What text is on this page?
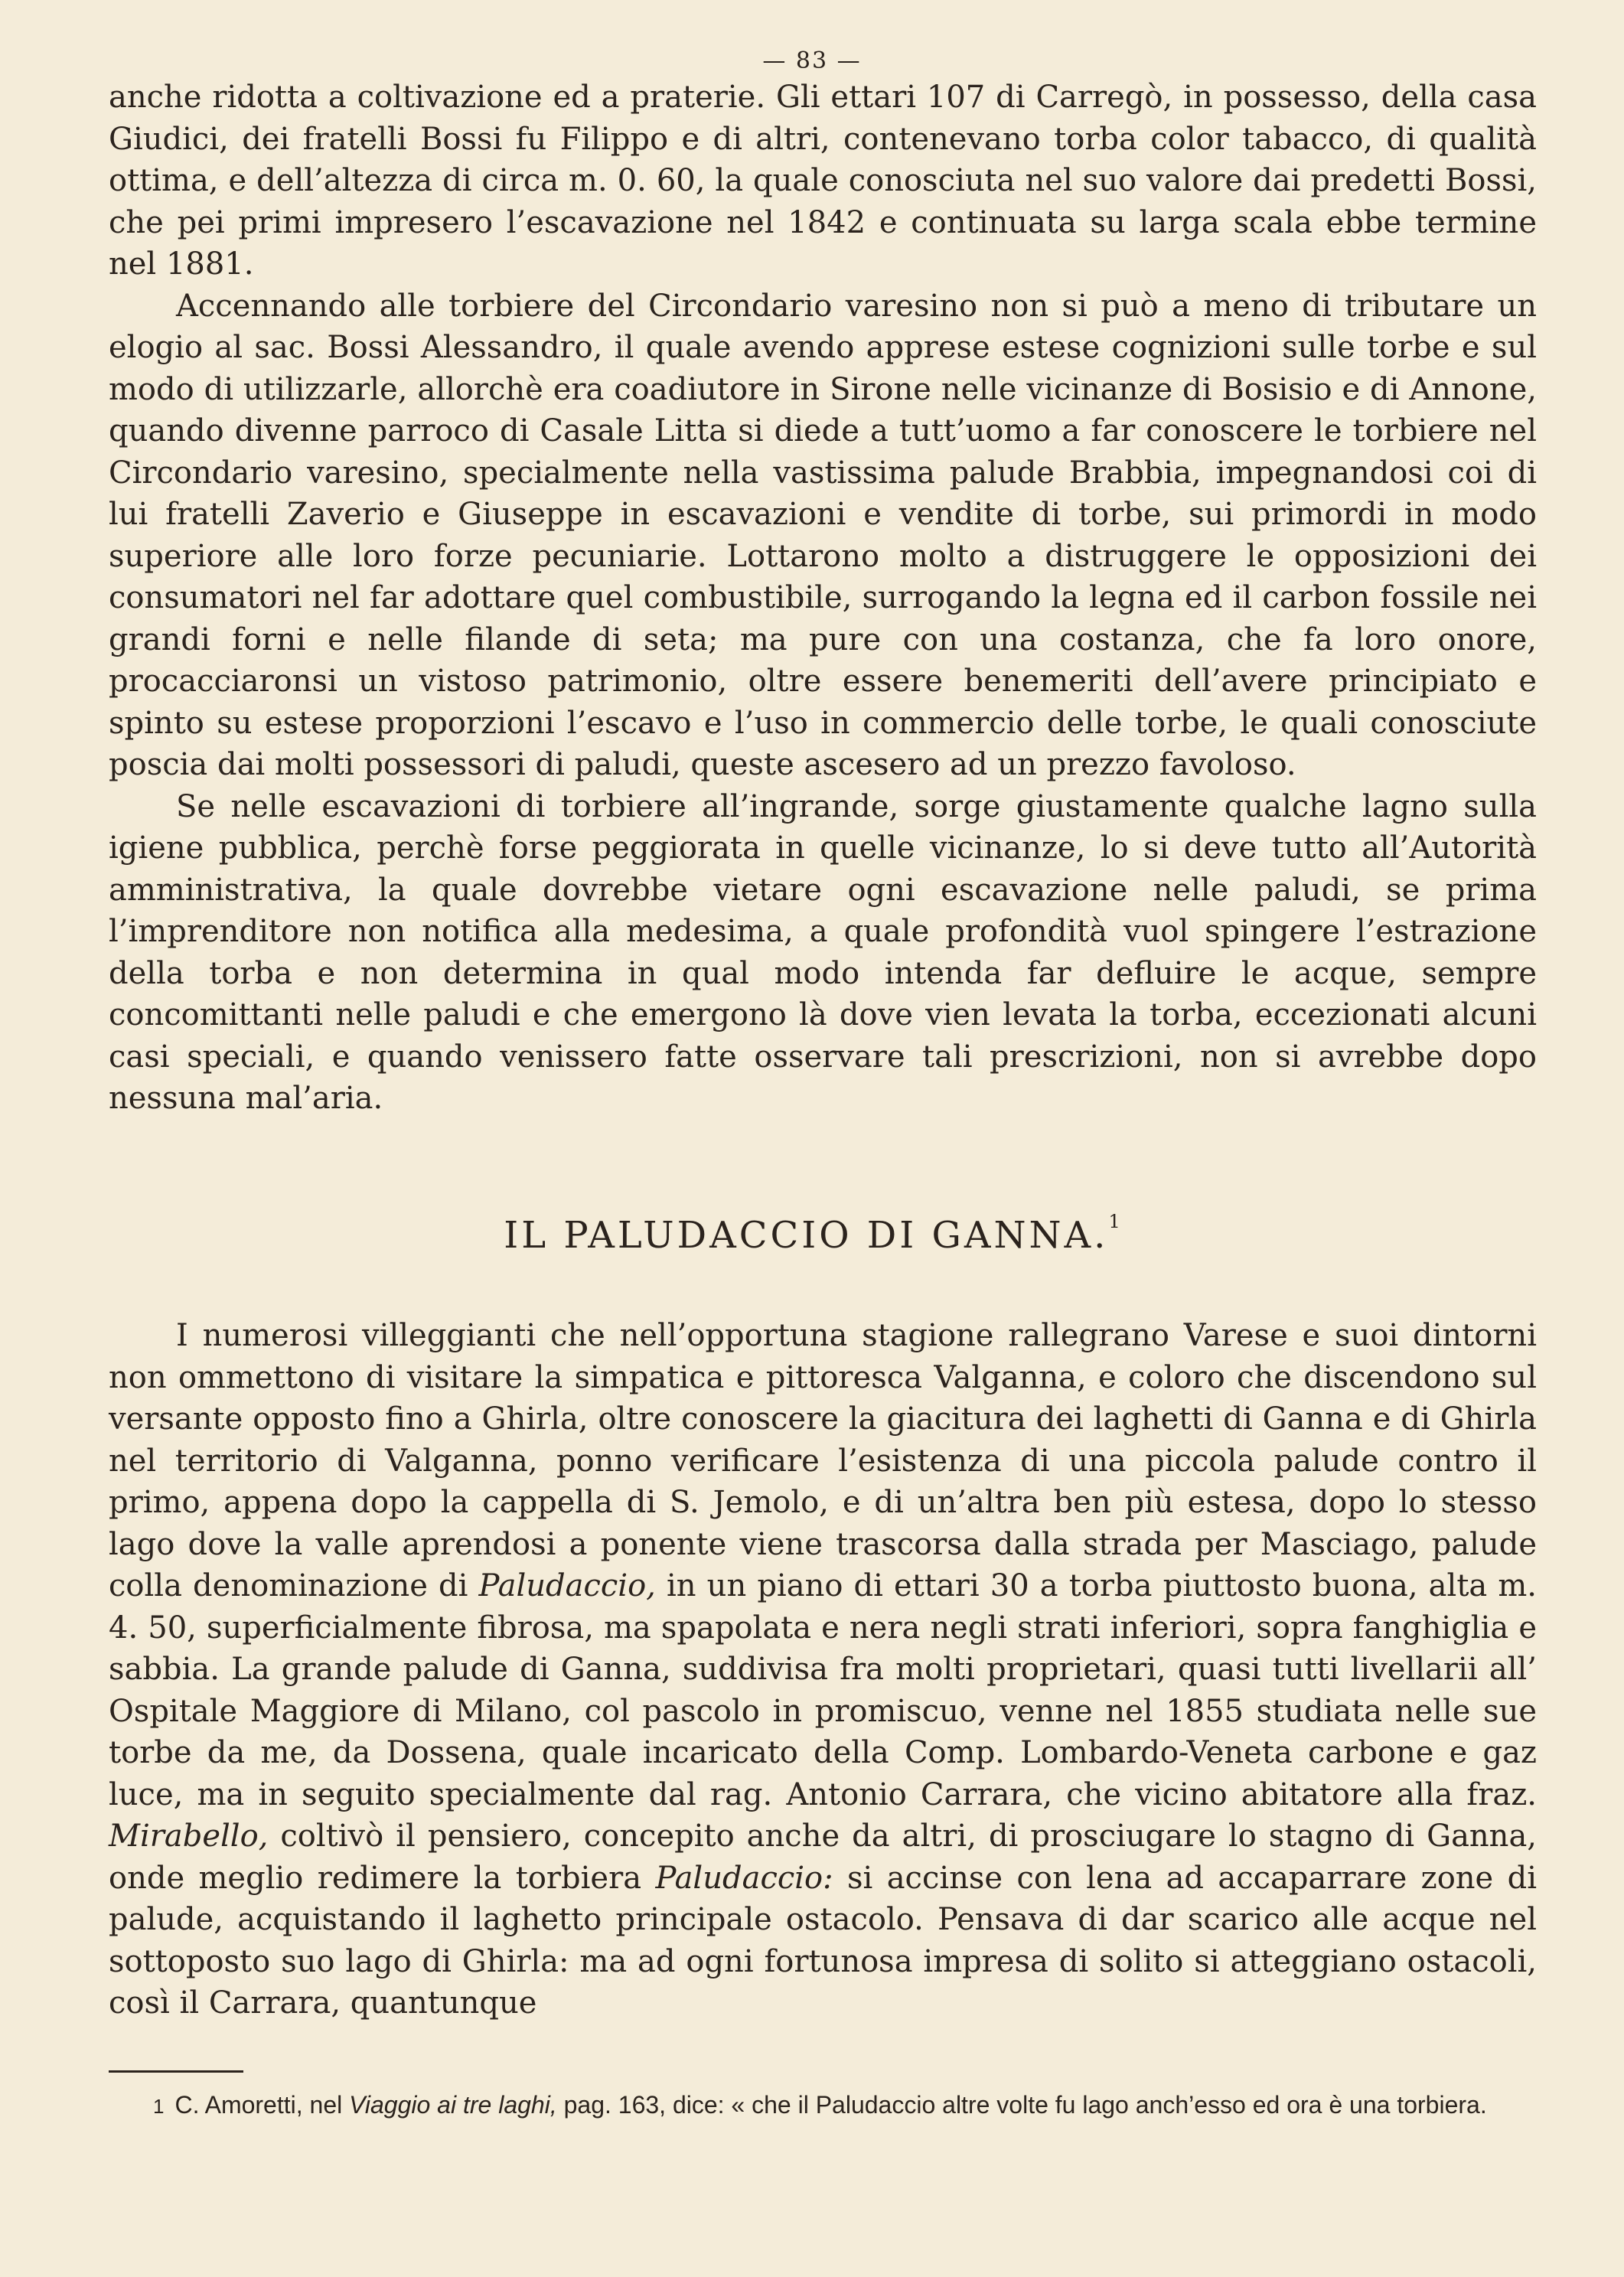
— 83 —

anche ridotta a coltivazione ed a praterie. Gli ettari 107 di Carregò, in possesso, della casa Giudici, dei fratelli Bossi fu Filippo e di altri, contenevano torba color tabacco, di qualità ottima, e dell’altezza di circa m. 0. 60, la quale conosciuta nel suo valore dai predetti Bossi, che pei primi impresero l’escavazione nel 1842 e continuata su larga scala ebbe termine nel 1881.

Accennando alle torbiere del Circondario varesino non si può a meno di tributare un elogio al sac. Bossi Alessandro, il quale avendo apprese estese cognizioni sulle torbe e sul modo di utilizzarle, allorchè era coadiutore in Sirone nelle vicinanze di Bosisio e di Annone, quando divenne parroco di Casale Litta si diede a tutt’uomo a far conoscere le torbiere nel Circondario varesino, specialmente nella vastissima palude Brabbia, impegnandosi coi di lui fratelli Zaverio e Giuseppe in escavazioni e vendite di torbe, sui primordi in modo superiore alle loro forze pecuniarie. Lottarono molto a distruggere le opposizioni dei consumatori nel far adottare quel combustibile, surrogando la legna ed il carbon fossile nei grandi forni e nelle filande di seta; ma pure con una costanza, che fa loro onore, procacciaronsi un vistoso patrimonio, oltre essere benemeriti dell’avere principiato e spinto su estese proporzioni l’escavo e l’uso in commercio delle torbe, le quali conosciute poscia dai molti possessori di paludi, queste ascesero ad un prezzo favoloso.

Se nelle escavazioni di torbiere all’ingrande, sorge giustamente qualche lagno sulla igiene pubblica, perchè forse peggiorata in quelle vicinanze, lo si deve tutto all’Autorità amministrativa, la quale dovrebbe vietare ogni escavazione nelle paludi, se prima l’imprenditore non notifica alla medesima, a quale profondità vuol spingere l’estrazione della torba e non determina in qual modo intenda far defluire le acque, sempre concomittanti nelle paludi e che emergono là dove vien levata la torba, eccezionati alcuni casi speciali, e quando venissero fatte osservare tali prescrizioni, non si avrebbe dopo nessuna mal’aria.

IL PALUDACCIO DI GANNA.$^1$

I numerosi villeggianti che nell’opportuna stagione rallegrano Varese e suoi dintorni non ommettono di visitare la simpatica e pittoresca Valganna, e coloro che discendono sul versante opposto fino a Ghirla, oltre conoscere la giacitura dei laghetti di Ganna e di Ghirla nel territorio di Valganna, ponno verificare l’esistenza di una piccola palude contro il primo, appena dopo la cappella di S. Jemolo, e di un’altra ben più estesa, dopo lo stesso lago dove la valle aprendosi a ponente viene trascorsa dalla strada per Masciago, palude colla denominazione di Paludaccio, in un piano di ettari 30 a torba piuttosto buona, alta m. 4. 50, superficialmente fibrosa, ma spapolata e nera negli strati inferiori, sopra fanghiglia e sabbia. La grande palude di Ganna, suddivisa fra molti proprietari, quasi tutti livellarii all’ Ospitale Maggiore di Milano, col pascolo in promiscuo, venne nel 1855 studiata nelle sue torbe da me, da Dossena, quale incaricato della Comp. Lombardo-Veneta carbone e gaz luce, ma in seguito specialmente dal rag. Antonio Carrara, che vicino abitatore alla fraz. Mirabello, coltivò il pensiero, concepito anche da altri, di prosciugare lo stagno di Ganna, onde meglio redimere la torbiera Paludaccio: si accinse con lena ad accaparrare zone di palude, acquistando il laghetto principale ostacolo. Pensava di dar scarico alle acque nel sottoposto suo lago di Ghirla: ma ad ogni fortunosa impresa di solito si atteggiano ostacoli, così il Carrara, quantunque

1 C. Amoretti, nel Viaggio ai tre laghi, pag. 163, dice: « che il Paludaccio altre volte fu lago anch’esso ed ora è una torbiera.
